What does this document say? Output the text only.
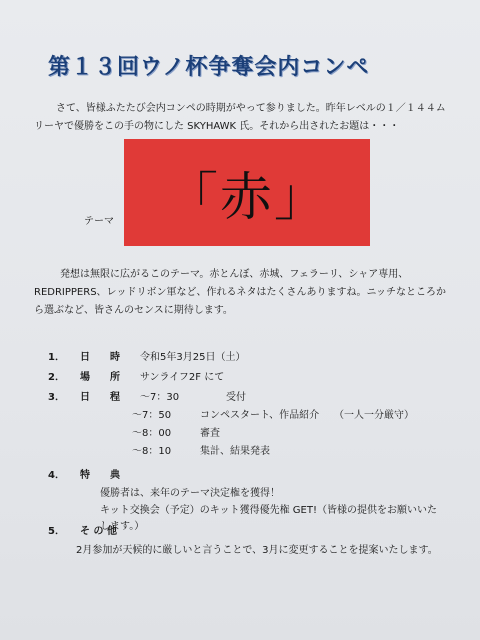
第１３回ウノ杯争奪会内コンペ
さて、皆様ふたたび会内コンペの時期がやって参りました。昨年レベルの１／１４４ムリーヤで優勝をこの手の物にした SKYHAWK 氏。それから出されたお題は・・・
テーマ 「赤」
発想は無限に広がるこのテーマ。赤とんぼ、赤城、フェラーリ、シャア専用、REDRIPPERS、レッドリボン軍など、作れるネタはたくさんありますね。ニッチなところから選ぶなど、皆さんのセンスに期待します。
1． 日　　時 令和5年3月25日（土）
2． 場　　所 サンライフ2F にて
3． 日　　程 ～7：30	受付
～7：50	コンペスタート、作品紹介 （一人一分厳守）
～8：00	審査
～8：10	集計、結果発表
4． 特　　典
優勝者は、来年のテーマ決定権を獲得！
キット交換会（予定）のキット獲得優先権 GET!（皆様の提供をお願いいたします。）
5． そ の 他
2月参加が天候的に厳しいと言うことで、3月に変更することを提案いたします。
